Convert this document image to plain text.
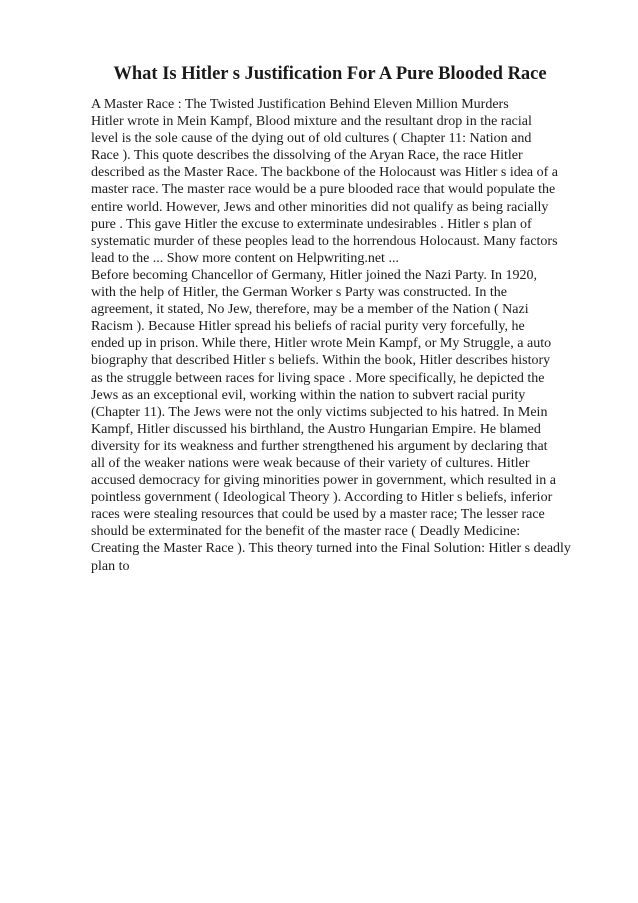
What Is Hitler s Justification For A Pure Blooded Race
A Master Race : The Twisted Justification Behind Eleven Million Murders
Hitler wrote in Mein Kampf, Blood mixture and the resultant drop in the racial
level is the sole cause of the dying out of old cultures ( Chapter 11: Nation and
Race ). This quote describes the dissolving of the Aryan Race, the race Hitler
described as the Master Race. The backbone of the Holocaust was Hitler s idea of a
master race. The master race would be a pure blooded race that would populate the
entire world. However, Jews and other minorities did not qualify as being racially
pure . This gave Hitler the excuse to exterminate undesirables . Hitler s plan of
systematic murder of these peoples lead to the horrendous Holocaust. Many factors
lead to the ... Show more content on Helpwriting.net ...
Before becoming Chancellor of Germany, Hitler joined the Nazi Party. In 1920,
with the help of Hitler, the German Worker s Party was constructed. In the
agreement, it stated, No Jew, therefore, may be a member of the Nation ( Nazi
Racism ). Because Hitler spread his beliefs of racial purity very forcefully, he
ended up in prison. While there, Hitler wrote Mein Kampf, or My Struggle, a auto
biography that described Hitler s beliefs. Within the book, Hitler describes history
as the struggle between races for living space . More specifically, he depicted the
Jews as an exceptional evil, working within the nation to subvert racial purity
(Chapter 11). The Jews were not the only victims subjected to his hatred. In Mein
Kampf, Hitler discussed his birthland, the Austro Hungarian Empire. He blamed
diversity for its weakness and further strengthened his argument by declaring that
all of the weaker nations were weak because of their variety of cultures. Hitler
accused democracy for giving minorities power in government, which resulted in a
pointless government ( Ideological Theory ). According to Hitler s beliefs, inferior
races were stealing resources that could be used by a master race; The lesser race
should be exterminated for the benefit of the master race ( Deadly Medicine:
Creating the Master Race ). This theory turned into the Final Solution: Hitler s deadly
plan to
